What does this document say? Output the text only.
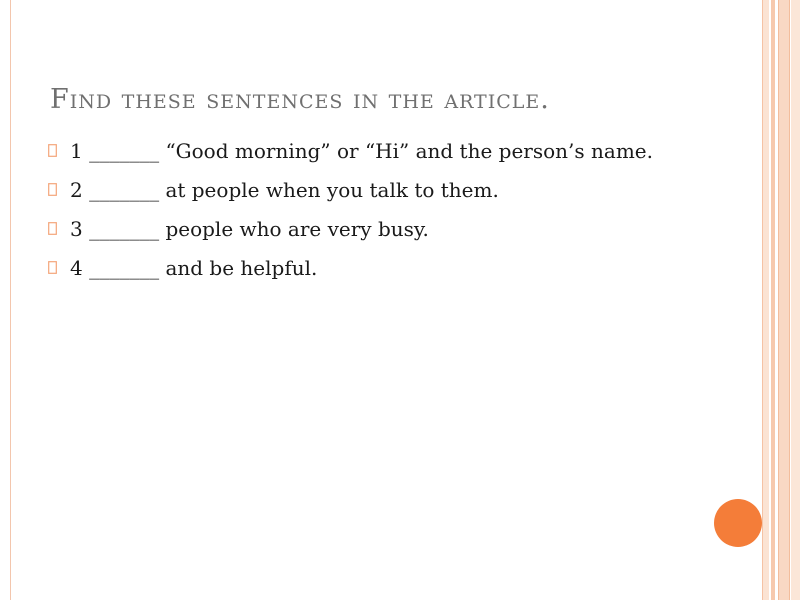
Find these sentences in the article.
1 _______ “Good morning” or “Hi” and the person’s name.
2 _______ at people when you talk to them.
3 _______ people who are very busy.
4 _______ and be helpful.
